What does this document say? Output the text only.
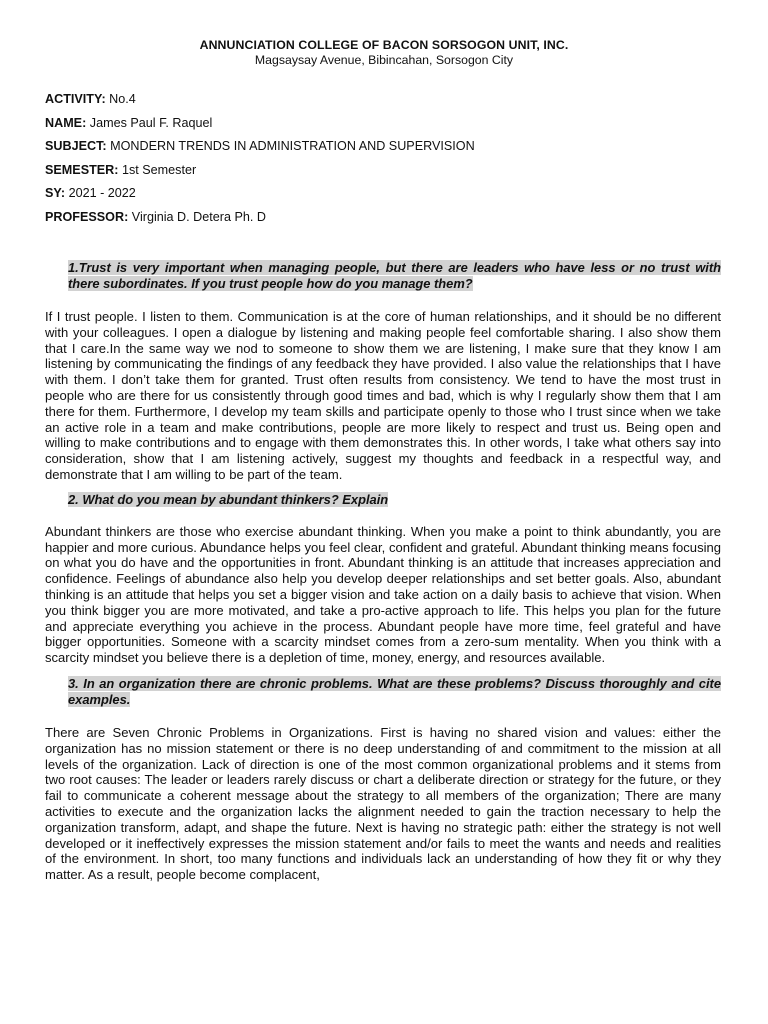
ANNUNCIATION COLLEGE OF BACON SORSOGON UNIT, INC.
Magsaysay Avenue, Bibincahan, Sorsogon City
ACTIVITY: No.4
NAME: James Paul F. Raquel
SUBJECT: MONDERN TRENDS IN ADMINISTRATION AND SUPERVISION
SEMESTER: 1st Semester
SY: 2021 - 2022
PROFESSOR: Virginia D. Detera Ph. D
1.Trust is very important when managing people, but there are leaders who have less or no trust with there subordinates. If you trust people how do you manage them?

If I trust people. I listen to them. Communication is at the core of human relationships, and it should be no different with your colleagues. I open a dialogue by listening and making people feel comfortable sharing. I also show them that I care.In the same way we nod to someone to show them we are listening, I make sure that they know I am listening by communicating the findings of any feedback they have provided. I also value the relationships that I have with them. I don’t take them for granted. Trust often results from consistency. We tend to have the most trust in people who are there for us consistently through good times and bad, which is why I regularly show them that I am there for them. Furthermore, I develop my team skills and participate openly to those who I trust since when we take an active role in a team and make contributions, people are more likely to respect and trust us. Being open and willing to make contributions and to engage with them demonstrates this. In other words, I take what others say into consideration, show that I am listening actively, suggest my thoughts and feedback in a respectful way, and demonstrate that I am willing to be part of the team.

2. What do you mean by abundant thinkers? Explain

Abundant thinkers are those who exercise abundant thinking. When you make a point to think abundantly, you are happier and more curious. Abundance helps you feel clear, confident and grateful. Abundant thinking means focusing on what you do have and the opportunities in front. Abundant thinking is an attitude that increases appreciation and confidence. Feelings of abundance also help you develop deeper relationships and set better goals. Also, abundant thinking is an attitude that helps you set a bigger vision and take action on a daily basis to achieve that vision. When you think bigger you are more motivated, and take a pro-active approach to life. This helps you plan for the future and appreciate everything you achieve in the process. Abundant people have more time, feel grateful and have bigger opportunities. Someone with a scarcity mindset comes from a zero-sum mentality. When you think with a scarcity mindset you believe there is a depletion of time, money, energy, and resources available.

3. In an organization there are chronic problems. What are these problems? Discuss thoroughly and cite examples.

There are Seven Chronic Problems in Organizations. First is having no shared vision and values: either the organization has no mission statement or there is no deep understanding of and commitment to the mission at all levels of the organization. Lack of direction is one of the most common organizational problems and it stems from two root causes: The leader or leaders rarely discuss or chart a deliberate direction or strategy for the future, or they fail to communicate a coherent message about the strategy to all members of the organization; There are many activities to execute and the organization lacks the alignment needed to gain the traction necessary to help the organization transform, adapt, and shape the future. Next is having no strategic path: either the strategy is not well developed or it ineffectively expresses the mission statement and/or fails to meet the wants and needs and realities of the environment. In short, too many functions and individuals lack an understanding of how they fit or why they matter. As a result, people become complacent,
